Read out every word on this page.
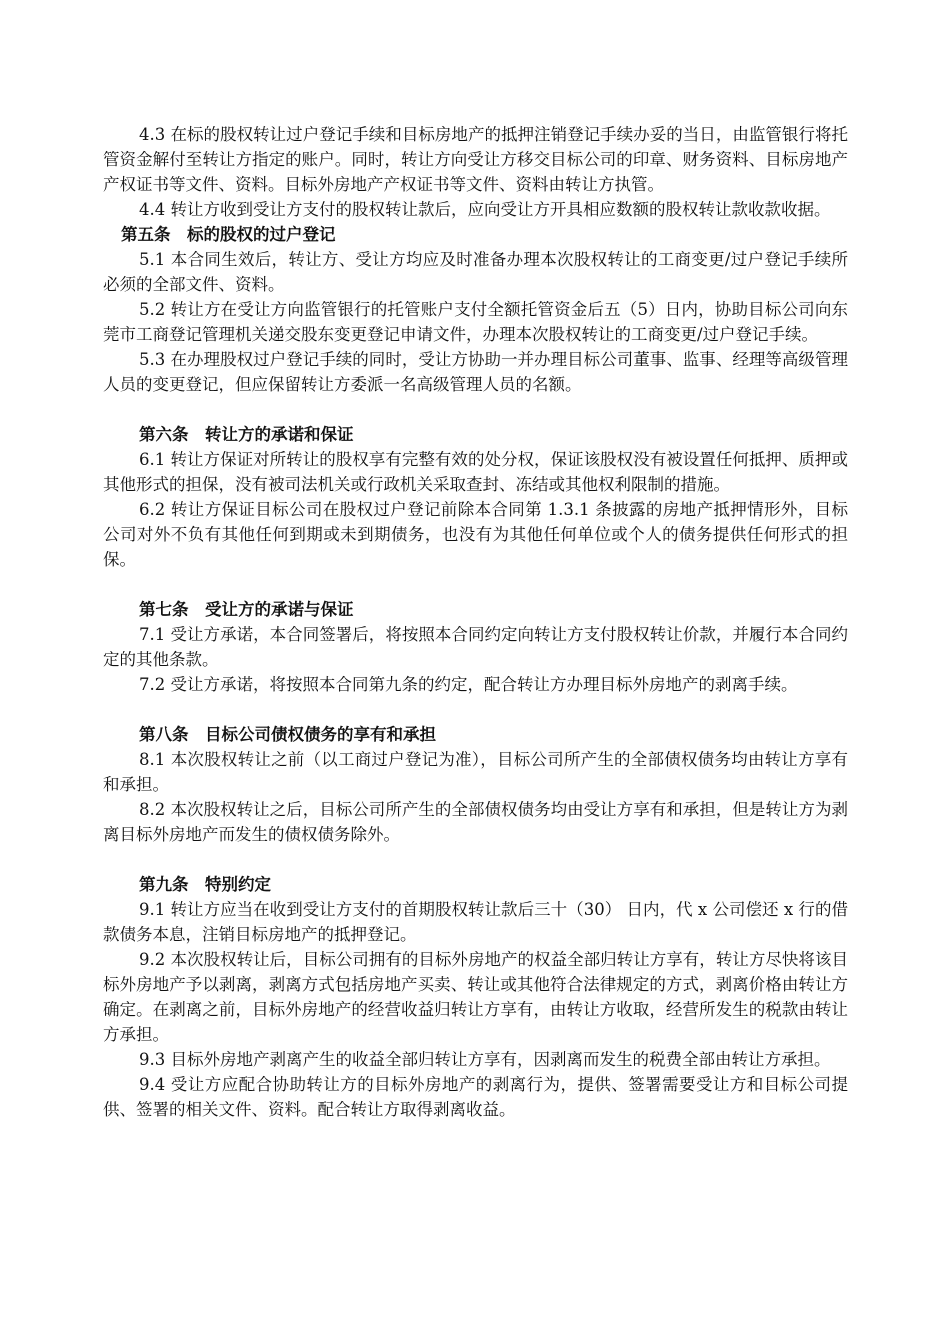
4.3 在标的股权转让过户登记手续和目标房地产的抵押注销登记手续办妥的当日，由监管银行将托管资金解付至转让方指定的账户。同时，转让方向受让方移交目标公司的印章、财务资料、目标房地产产权证书等文件、资料。目标外房地产产权证书等文件、资料由转让方执管。

4.4 转让方收到受让方支付的股权转让款后，应向受让方开具相应数额的股权转让款收款收据。

第五条　标的股权的过户登记

5.1 本合同生效后，转让方、受让方均应及时准备办理本次股权转让的工商变更/过户登记手续所必须的全部文件、资料。

5.2 转让方在受让方向监管银行的托管账户支付全额托管资金后五（5）日内，协助目标公司向东莞市工商登记管理机关递交股东变更登记申请文件，办理本次股权转让的工商变更/过户登记手续。

5.3 在办理股权过户登记手续的同时，受让方协助一并办理目标公司董事、监事、经理等高级管理人员的变更登记，但应保留转让方委派一名高级管理人员的名额。

第六条　转让方的承诺和保证

6.1 转让方保证对所转让的股权享有完整有效的处分权，保证该股权没有被设置任何抵押、质押或其他形式的担保，没有被司法机关或行政机关采取查封、冻结或其他权利限制的措施。

6.2 转让方保证目标公司在股权过户登记前除本合同第 1.3.1 条披露的房地产抵押情形外，目标公司对外不负有其他任何到期或未到期债务，也没有为其他任何单位或个人的债务提供任何形式的担保。

第七条　受让方的承诺与保证

7.1 受让方承诺，本合同签署后，将按照本合同约定向转让方支付股权转让价款，并履行本合同约定的其他条款。

7.2 受让方承诺，将按照本合同第九条的约定，配合转让方办理目标外房地产的剥离手续。

第八条　目标公司债权债务的享有和承担

8.1 本次股权转让之前（以工商过户登记为准），目标公司所产生的全部债权债务均由转让方享有和承担。

8.2 本次股权转让之后，目标公司所产生的全部债权债务均由受让方享有和承担，但是转让方为剥离目标外房地产而发生的债权债务除外。

第九条　特别约定

9.1 转让方应当在收到受让方支付的首期股权转让款后三十（30） 日内，代 x 公司偿还 x 行的借款债务本息，注销目标房地产的抵押登记。

9.2 本次股权转让后，目标公司拥有的目标外房地产的权益全部归转让方享有，转让方尽快将该目标外房地产予以剥离，剥离方式包括房地产买卖、转让或其他符合法律规定的方式，剥离价格由转让方确定。在剥离之前，目标外房地产的经营收益归转让方享有，由转让方收取，经营所发生的税款由转让方承担。

9.3 目标外房地产剥离产生的收益全部归转让方享有，因剥离而发生的税费全部由转让方承担。

9.4 受让方应配合协助转让方的目标外房地产的剥离行为，提供、签署需要受让方和目标公司提供、签署的相关文件、资料。配合转让方取得剥离收益。
